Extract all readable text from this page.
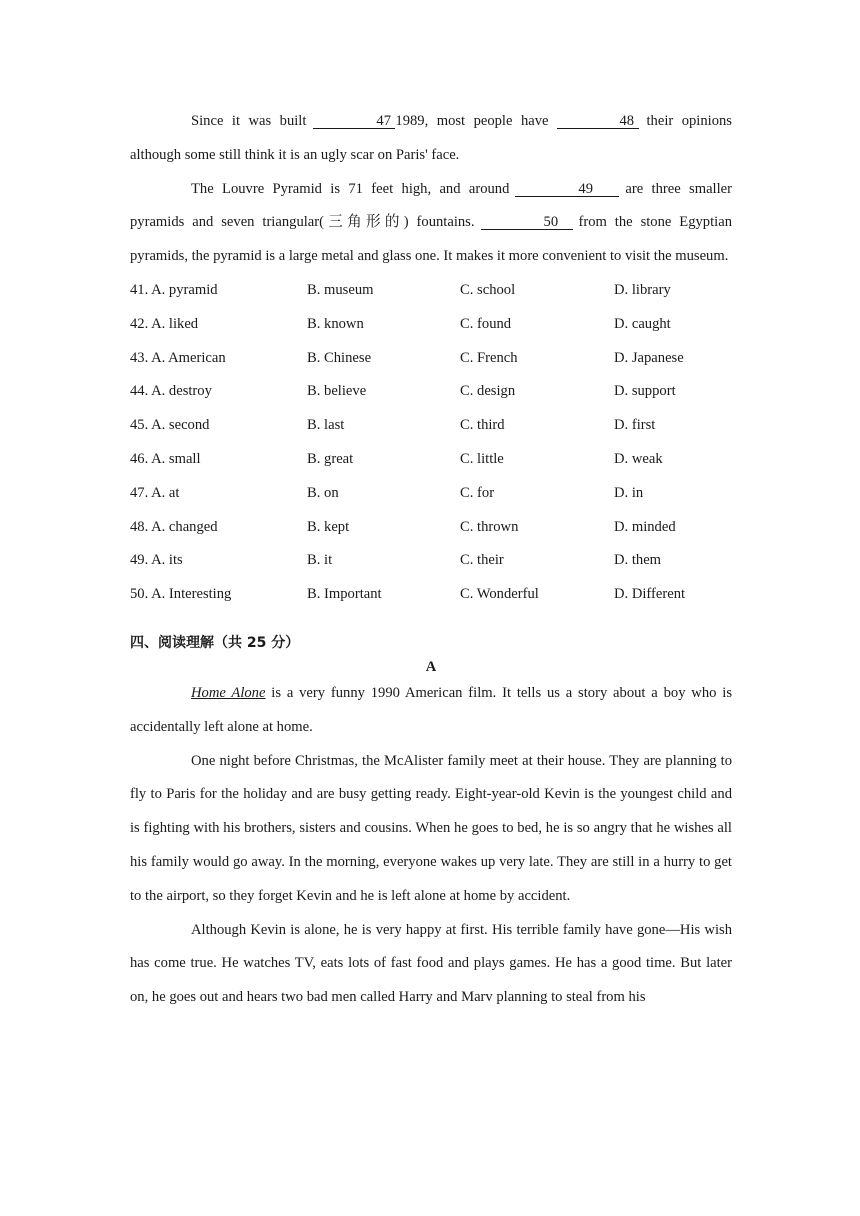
Since it was built	47 1989, most people have	48 their opinions although some still think it is an ugly scar on Paris' face.

The Louvre Pyramid is 71 feet high, and around	49 are three smaller pyramids and seven triangular(三角形的) fountains.	50 from the stone Egyptian pyramids, the pyramid is a large metal and glass one. It makes it more convenient to visit the museum.

41. A. pyramid	B. museum	C. school	D. library
42. A. liked	B. known	C. found	D. caught
43. A. American	B. Chinese	C. French	D. Japanese
44. A. destroy	B. believe	C. design	D. support
45. A. second	B. last	C. third	D. first
46. A. small	B. great	C. little	D. weak
47. A. at	B. on	C. for	D. in
48. A. changed	B. kept	C. thrown	D. minded
49. A. its	B. it	C. their	D. them
50. A. Interesting	B. Important	C. Wonderful	D. Different
四、阅读理解（共 25 分）
A

Home Alone is a very funny 1990 American film. It tells us a story about a boy who is accidentally left alone at home.

One night before Christmas, the McAlister family meet at their house. They are planning to fly to Paris for the holiday and are busy getting ready. Eight-year-old Kevin is the youngest child and is fighting with his brothers, sisters and cousins. When he goes to bed, he is so angry that he wishes all his family would go away. In the morning, everyone wakes up very late. They are still in a hurry to get to the airport, so they forget Kevin and he is left alone at home by accident.

Although Kevin is alone, he is very happy at first. His terrible family have gone—His wish has come true. He watches TV, eats lots of fast food and plays games. He has a good time. But later on, he goes out and hears two bad men called Harry and Marv planning to steal from his
